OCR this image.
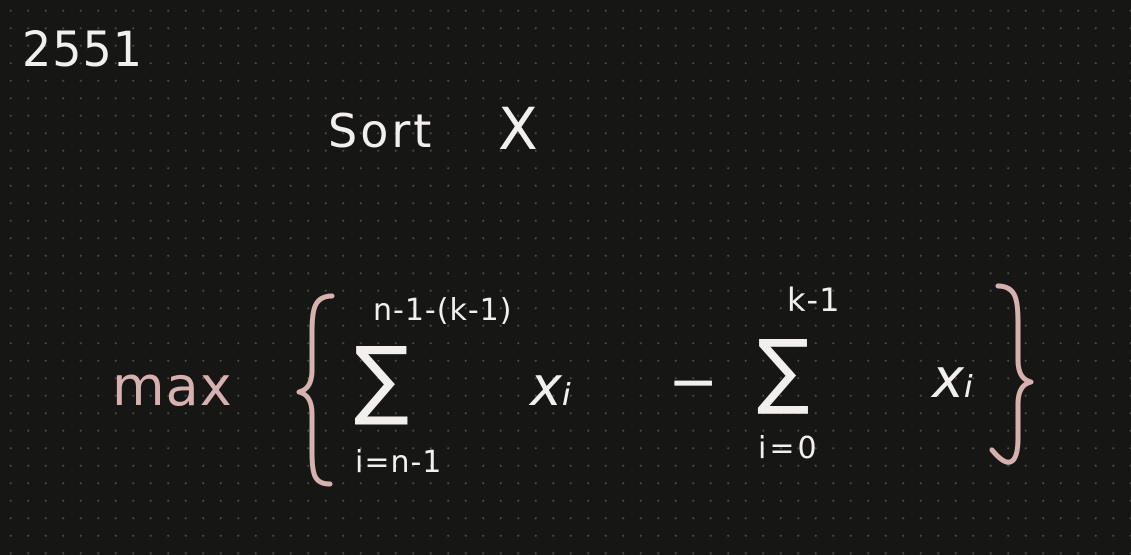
2551
Sort X
max
n-1-(k-1)
∑
i=n-1
xᵢ −
k-1
∑
i=0
xᵢ
